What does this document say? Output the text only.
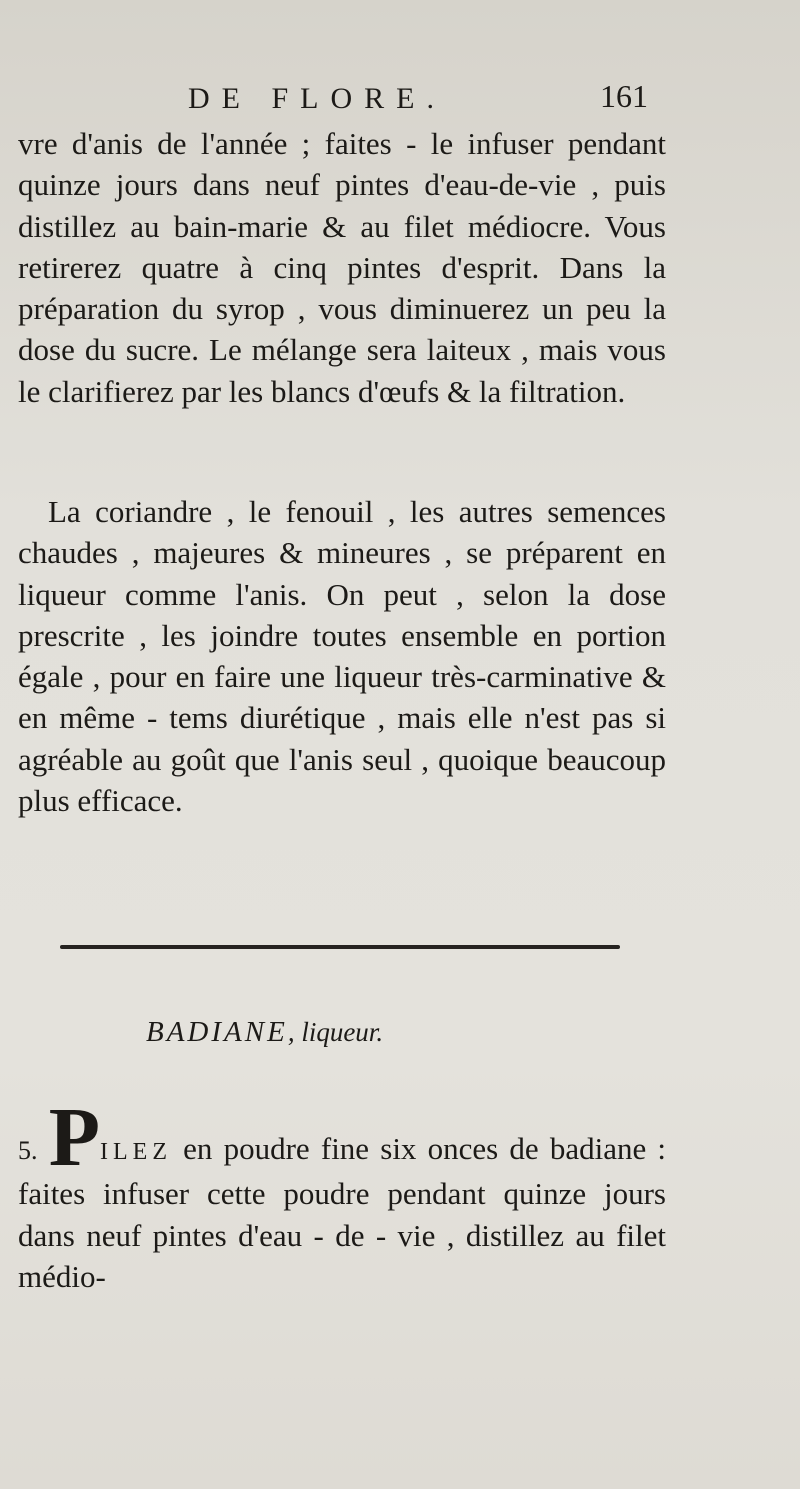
DE FLORE.	161

vre d'anis de l'année ; faites - le infuser pendant quinze jours dans neuf pintes d'eau-de-vie , puis distillez au bain-marie & au filet médiocre. Vous retirerez quatre à cinq pintes d'esprit. Dans la préparation du syrop , vous diminuerez un peu la dose du sucre. Le mélange sera laiteux , mais vous le clarifierez par les blancs d'œufs & la filtration.

La coriandre , le fenouil , les autres semences chaudes , majeures & mineures , se préparent en liqueur comme l'anis. On peut , selon la dose prescrite , les joindre toutes ensemble en portion égale , pour en faire une liqueur très-carminative & en même - tems diurétique , mais elle n'est pas si agréable au goût que l'anis seul , quoique beaucoup plus efficace.

BADIANE, liqueur.

5. PILEZ en poudre fine six onces de badiane : faites infuser cette poudre pendant quinze jours dans neuf pintes d'eau - de - vie , distillez au filet médio-
